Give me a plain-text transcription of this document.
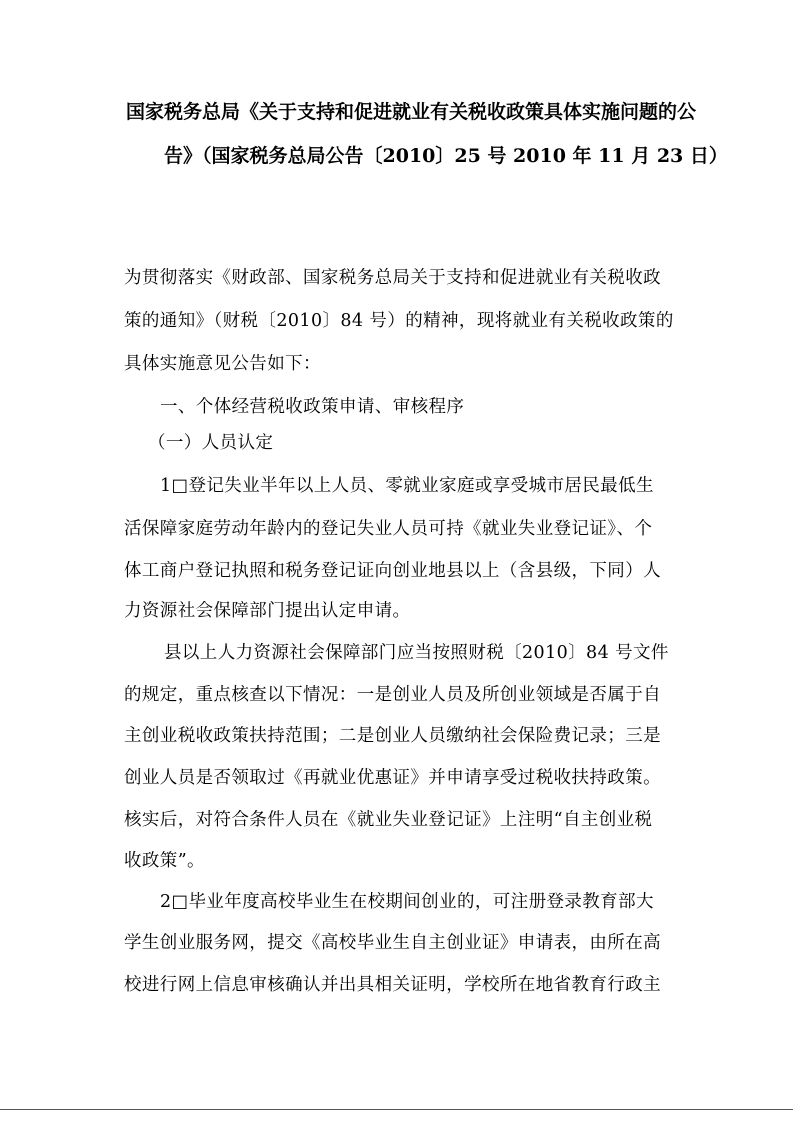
国家税务总局《关于支持和促进就业有关税收政策具体实施问题的公
告》（国家税务总局公告〔2010〕25 号 2010 年 11 月 23 日）
为贯彻落实《财政部、国家税务总局关于支持和促进就业有关税收政
策的通知》（财税〔2010〕84 号）的精神，现将就业有关税收政策的
具体实施意见公告如下：
一、个体经营税收政策申请、审核程序
（一）人员认定
1□登记失业半年以上人员、零就业家庭或享受城市居民最低生
活保障家庭劳动年龄内的登记失业人员可持《就业失业登记证》、个
体工商户登记执照和税务登记证向创业地县以上（含县级，下同）人
力资源社会保障部门提出认定申请。
县以上人力资源社会保障部门应当按照财税〔2010〕84 号文件
的规定，重点核查以下情况：一是创业人员及所创业领域是否属于自
主创业税收政策扶持范围；二是创业人员缴纳社会保险费记录；三是
创业人员是否领取过《再就业优惠证》并申请享受过税收扶持政策。
核实后，对符合条件人员在《就业失业登记证》上注明“自主创业税
收政策”。
2□毕业年度高校毕业生在校期间创业的，可注册登录教育部大
学生创业服务网，提交《高校毕业生自主创业证》申请表，由所在高
校进行网上信息审核确认并出具相关证明，学校所在地省教育行政主
